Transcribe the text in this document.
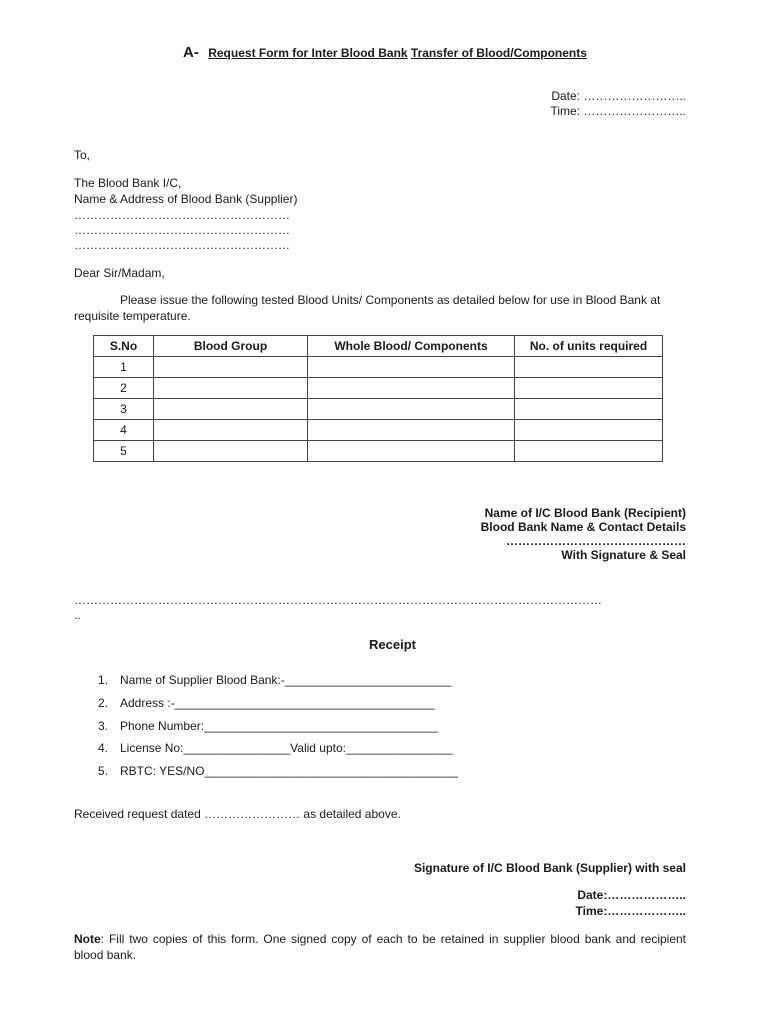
A- Request Form for Inter Blood Bank Transfer of Blood/Components
Date: ……………………..
Time: ……………………..
To,
The Blood Bank I/C,
Name & Address of Blood Bank (Supplier)
………………………………………………
………………………………………………
………………………………………………
Dear Sir/Madam,
Please issue the following tested Blood Units/ Components as detailed below for use in Blood Bank at requisite temperature.
S.No	Blood Group	Whole Blood/ Components	No. of units required
1			
2			
3			
4			
5			
Name of I/C Blood Bank (Recipient)
Blood Bank Name & Contact Details
………………………………………
With Signature & Seal
……………………………………………………………………………………………………………………
..
Receipt
1. Name of Supplier Blood Bank:-_________________________
2. Address :-_______________________________________
3. Phone Number:___________________________________
4. License No:________________Valid upto:________________
5. RBTC: YES/NO______________________________________
Received request dated …………………… as detailed above.
Signature of I/C Blood Bank (Supplier) with seal
Date:………………..
Time:………………..
Note: Fill two copies of this form. One signed copy of each to be retained in supplier blood bank and recipient blood bank.
